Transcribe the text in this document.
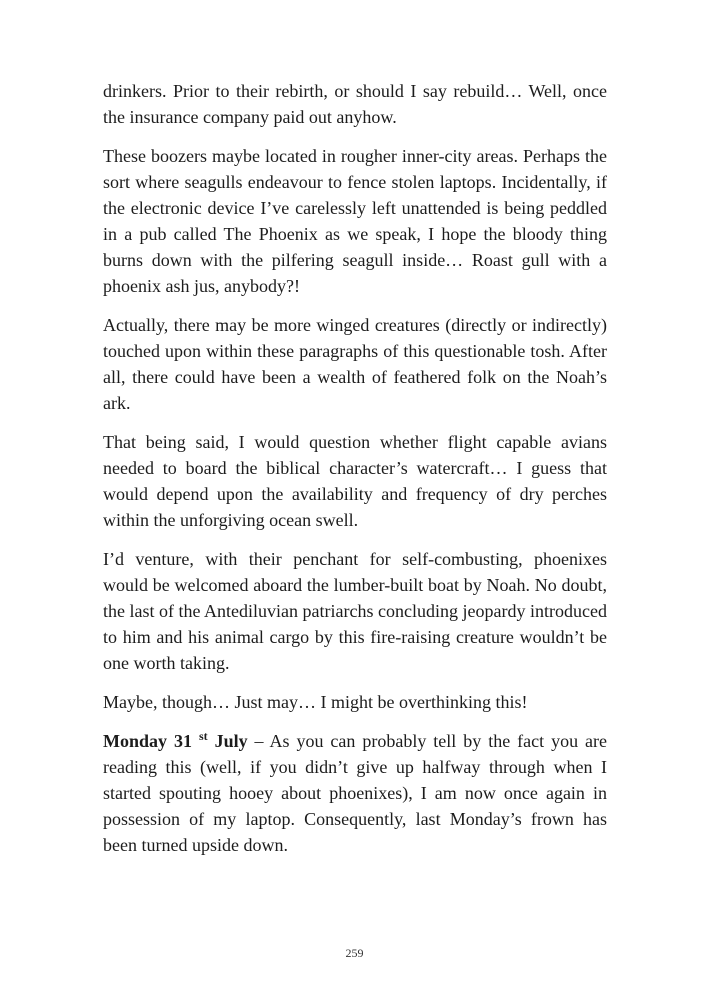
drinkers. Prior to their rebirth, or should I say rebuild… Well, once the insurance company paid out anyhow.

These boozers maybe located in rougher inner-city areas. Perhaps the sort where seagulls endeavour to fence stolen laptops. Incidentally, if the electronic device I’ve carelessly left unattended is being peddled in a pub called The Phoenix as we speak, I hope the bloody thing burns down with the pilfering seagull inside… Roast gull with a phoenix ash jus, anybody?!

Actually, there may be more winged creatures (directly or indirectly) touched upon within these paragraphs of this questionable tosh. After all, there could have been a wealth of feathered folk on the Noah’s ark.

That being said, I would question whether flight capable avians needed to board the biblical character’s watercraft… I guess that would depend upon the availability and frequency of dry perches within the unforgiving ocean swell.

I’d venture, with their penchant for self-combusting, phoenixes would be welcomed aboard the lumber-built boat by Noah. No doubt, the last of the Antediluvian patriarchs concluding jeopardy introduced to him and his animal cargo by this fire-raising creature wouldn’t be one worth taking.

Maybe, though… Just may… I might be overthinking this!

Monday 31 $^{st}$ July – As you can probably tell by the fact you are reading this (well, if you didn’t give up halfway through when I started spouting hooey about phoenixes), I am now once again in possession of my laptop. Consequently, last Monday’s frown has been turned upside down.

259
